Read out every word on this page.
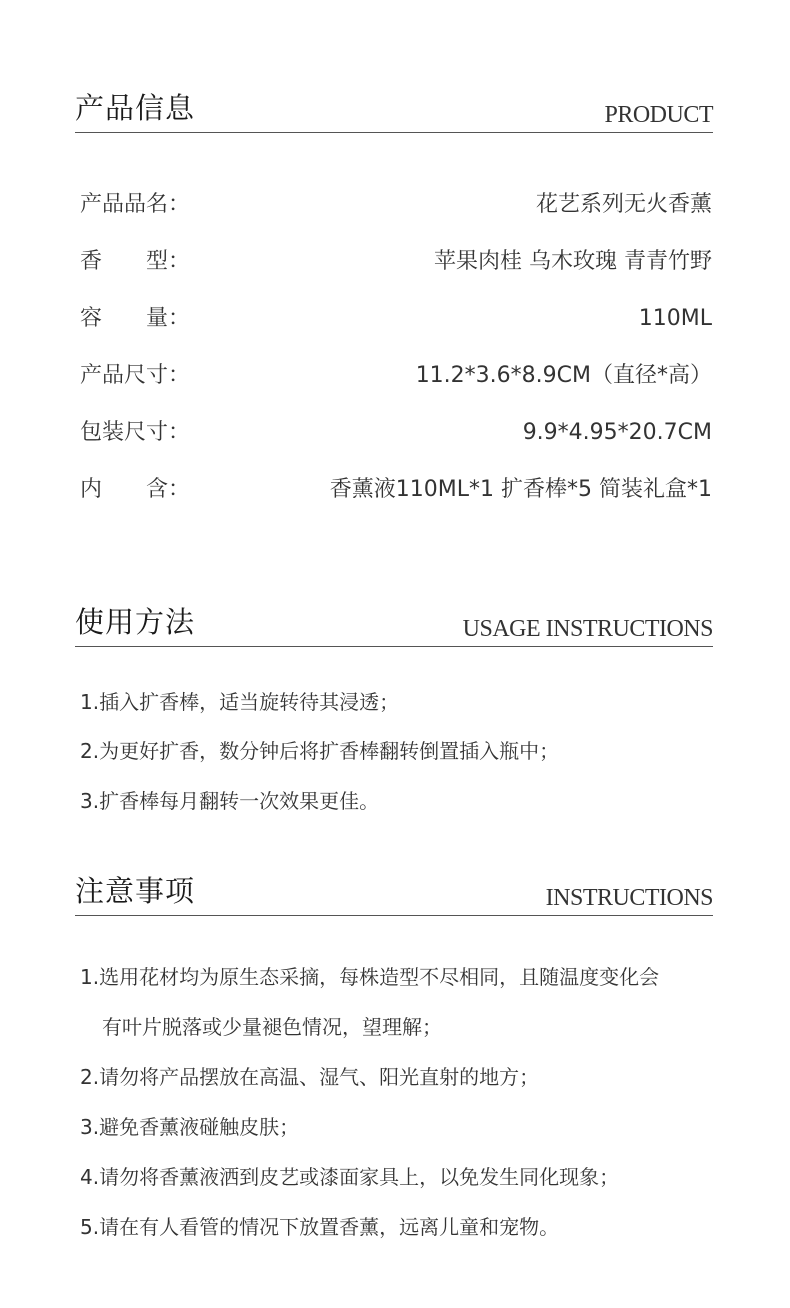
产品信息	PRODUCT
产品品名：	花艺系列无火香薰
香　　型：	苹果肉桂 乌木玫瑰 青青竹野
容　　量：	110ML
产品尺寸：	11.2*3.6*8.9CM（直径*高）
包装尺寸：	9.9*4.95*20.7CM
内　　含：	香薰液110ML*1 扩香棒*5 简装礼盒*1
使用方法	USAGE INSTRUCTIONS
1.插入扩香棒，适当旋转待其浸透；
2.为更好扩香，数分钟后将扩香棒翻转倒置插入瓶中；
3.扩香棒每月翻转一次效果更佳。
注意事项	INSTRUCTIONS
1.选用花材均为原生态采摘，每株造型不尽相同，且随温度变化会
有叶片脱落或少量褪色情况，望理解；
2.请勿将产品摆放在高温、湿气、阳光直射的地方；
3.避免香薰液碰触皮肤；
4.请勿将香薰液洒到皮艺或漆面家具上，以免发生同化现象；
5.请在有人看管的情况下放置香薰，远离儿童和宠物。
